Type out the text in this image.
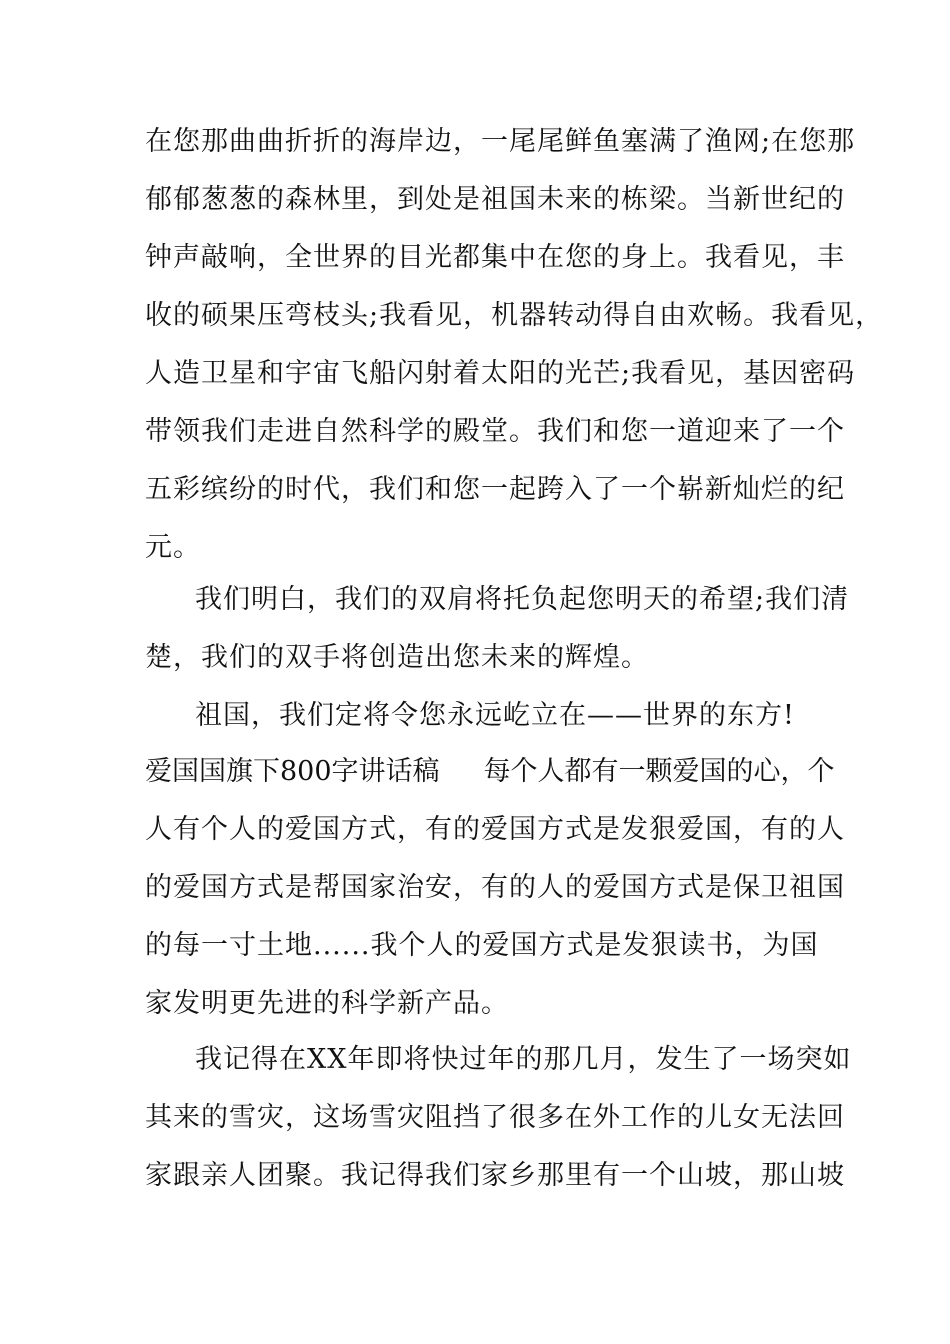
在您那曲曲折折的海岸边，一尾尾鲜鱼塞满了渔网;在您那
郁郁葱葱的森林里，到处是祖国未来的栋梁。当新世纪的
钟声敲响，全世界的目光都集中在您的身上。我看见，丰
收的硕果压弯枝头;我看见，机器转动得自由欢畅。我看见，
人造卫星和宇宙飞船闪射着太阳的光芒;我看见，基因密码
带领我们走进自然科学的殿堂。我们和您一道迎来了一个
五彩缤纷的时代，我们和您一起跨入了一个崭新灿烂的纪
元。
我们明白，我们的双肩将托负起您明天的希望;我们清
楚，我们的双手将创造出您未来的辉煌。
祖国，我们定将令您永远屹立在——世界的东方!
爱国国旗下800字讲话稿 每个人都有一颗爱国的心，个
人有个人的爱国方式，有的爱国方式是发狠爱国，有的人
的爱国方式是帮国家治安，有的人的爱国方式是保卫祖国
的每一寸土地......我个人的爱国方式是发狠读书，为国
家发明更先进的科学新产品。
我记得在XX年即将快过年的那几月，发生了一场突如
其来的雪灾，这场雪灾阻挡了很多在外工作的儿女无法回
家跟亲人团聚。我记得我们家乡那里有一个山坡，那山坡
